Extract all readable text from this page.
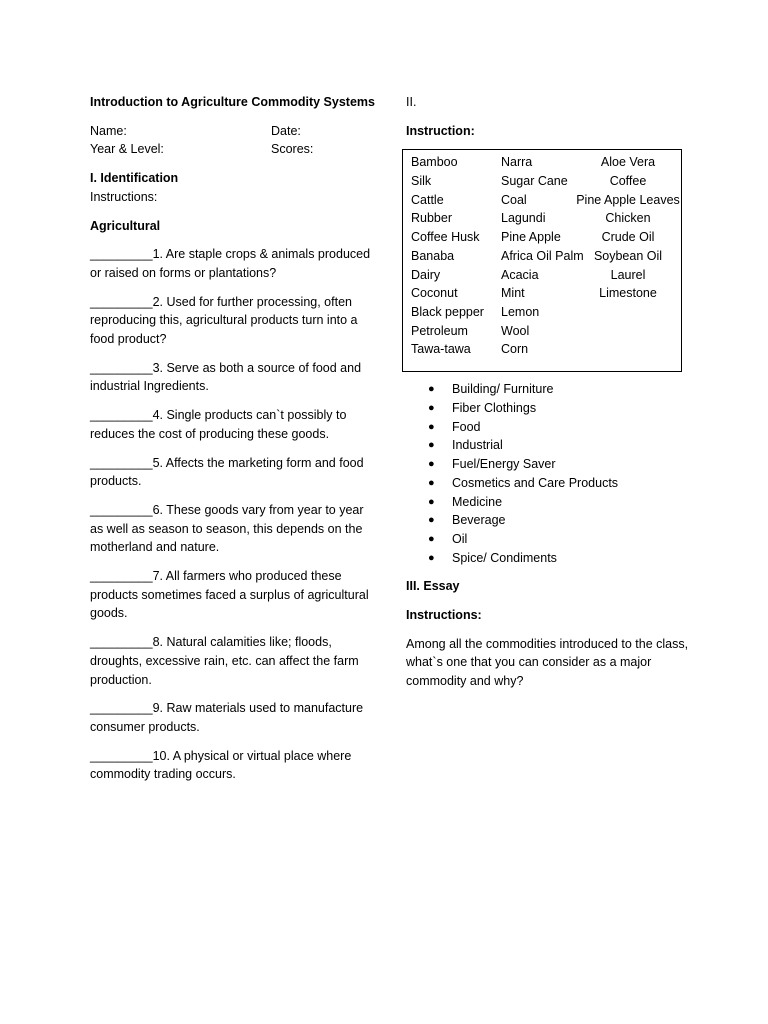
Introduction to Agriculture Commodity Systems

Name:	Date:
Year & Level:	Scores:

I. Identification

Instructions:

Agricultural

_________1. Are staple crops & animals produced or raised on forms or plantations?

_________2. Used for further processing, often reproducing this, agricultural products turn into a food product?

_________3. Serve as both a source of food and industrial Ingredients.

_________4. Single products can`t possibly to reduces the cost of producing these goods.

_________5. Affects the marketing form and food products.

_________6. These goods vary from year to year as well as season to season, this depends on the motherland and nature.

_________7. All farmers who produced these products sometimes faced a surplus of agricultural goods.

_________8. Natural calamities like; floods, droughts, excessive rain, etc. can affect the farm production.

_________9. Raw materials used to manufacture consumer products.

_________10. A physical or virtual place where commodity trading occurs.

II.

Instruction:

Bamboo
Silk
Cattle
Rubber
Coffee Husk
Banaba
Dairy
Coconut
Black pepper
Petroleum
Tawa-tawa
Narra
Sugar Cane
Coal
Lagundi
Pine Apple
Africa Oil Palm
Acacia
Mint
Lemon
Wool
Corn
Aloe Vera
Coffee
Pine Apple Leaves
Chicken
Crude Oil
Soybean Oil
Laurel
Limestone
● Building/ Furniture
● Fiber Clothings
● Food
● Industrial
● Fuel/Energy Saver
● Cosmetics and Care Products
● Medicine
● Beverage
● Oil
● Spice/ Condiments

III. Essay

Instructions:

Among all the commodities introduced to the class, what`s one that you can consider as a major commodity and why?
